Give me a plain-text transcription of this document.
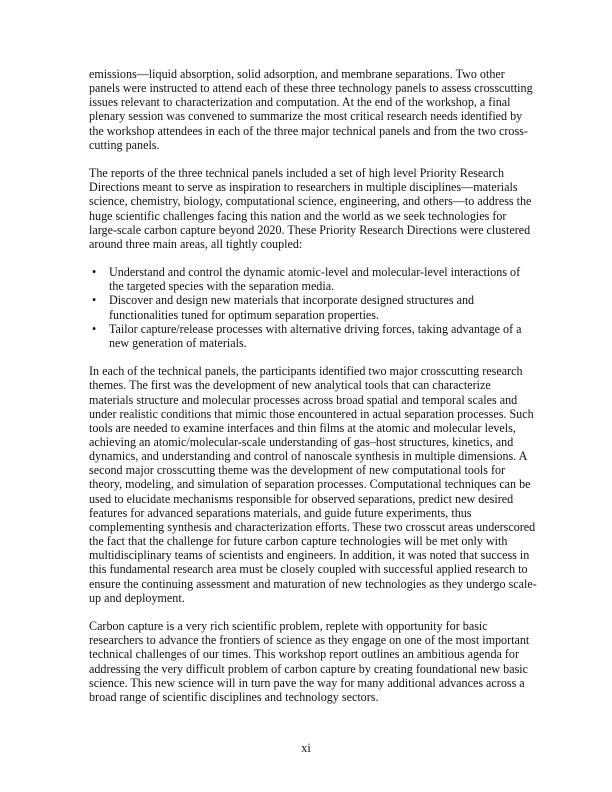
emissions—liquid absorption, solid adsorption, and membrane separations. Two other panels were instructed to attend each of these three technology panels to assess crosscutting issues relevant to characterization and computation. At the end of the workshop, a final plenary session was convened to summarize the most critical research needs identified by the workshop attendees in each of the three major technical panels and from the two cross-cutting panels.

The reports of the three technical panels included a set of high level Priority Research Directions meant to serve as inspiration to researchers in multiple disciplines—materials science, chemistry, biology, computational science, engineering, and others—to address the huge scientific challenges facing this nation and the world as we seek technologies for large-scale carbon capture beyond 2020. These Priority Research Directions were clustered around three main areas, all tightly coupled:

• Understand and control the dynamic atomic-level and molecular-level interactions of the targeted species with the separation media.
• Discover and design new materials that incorporate designed structures and functionalities tuned for optimum separation properties.
• Tailor capture/release processes with alternative driving forces, taking advantage of a new generation of materials.

In each of the technical panels, the participants identified two major crosscutting research themes. The first was the development of new analytical tools that can characterize materials structure and molecular processes across broad spatial and temporal scales and under realistic conditions that mimic those encountered in actual separation processes. Such tools are needed to examine interfaces and thin films at the atomic and molecular levels, achieving an atomic/molecular-scale understanding of gas–host structures, kinetics, and dynamics, and understanding and control of nanoscale synthesis in multiple dimensions. A second major crosscutting theme was the development of new computational tools for theory, modeling, and simulation of separation processes. Computational techniques can be used to elucidate mechanisms responsible for observed separations, predict new desired features for advanced separations materials, and guide future experiments, thus complementing synthesis and characterization efforts. These two crosscut areas underscored the fact that the challenge for future carbon capture technologies will be met only with multidisciplinary teams of scientists and engineers. In addition, it was noted that success in this fundamental research area must be closely coupled with successful applied research to ensure the continuing assessment and maturation of new technologies as they undergo scale-up and deployment.

Carbon capture is a very rich scientific problem, replete with opportunity for basic researchers to advance the frontiers of science as they engage on one of the most important technical challenges of our times. This workshop report outlines an ambitious agenda for addressing the very difficult problem of carbon capture by creating foundational new basic science. This new science will in turn pave the way for many additional advances across a broad range of scientific disciplines and technology sectors.

xi
